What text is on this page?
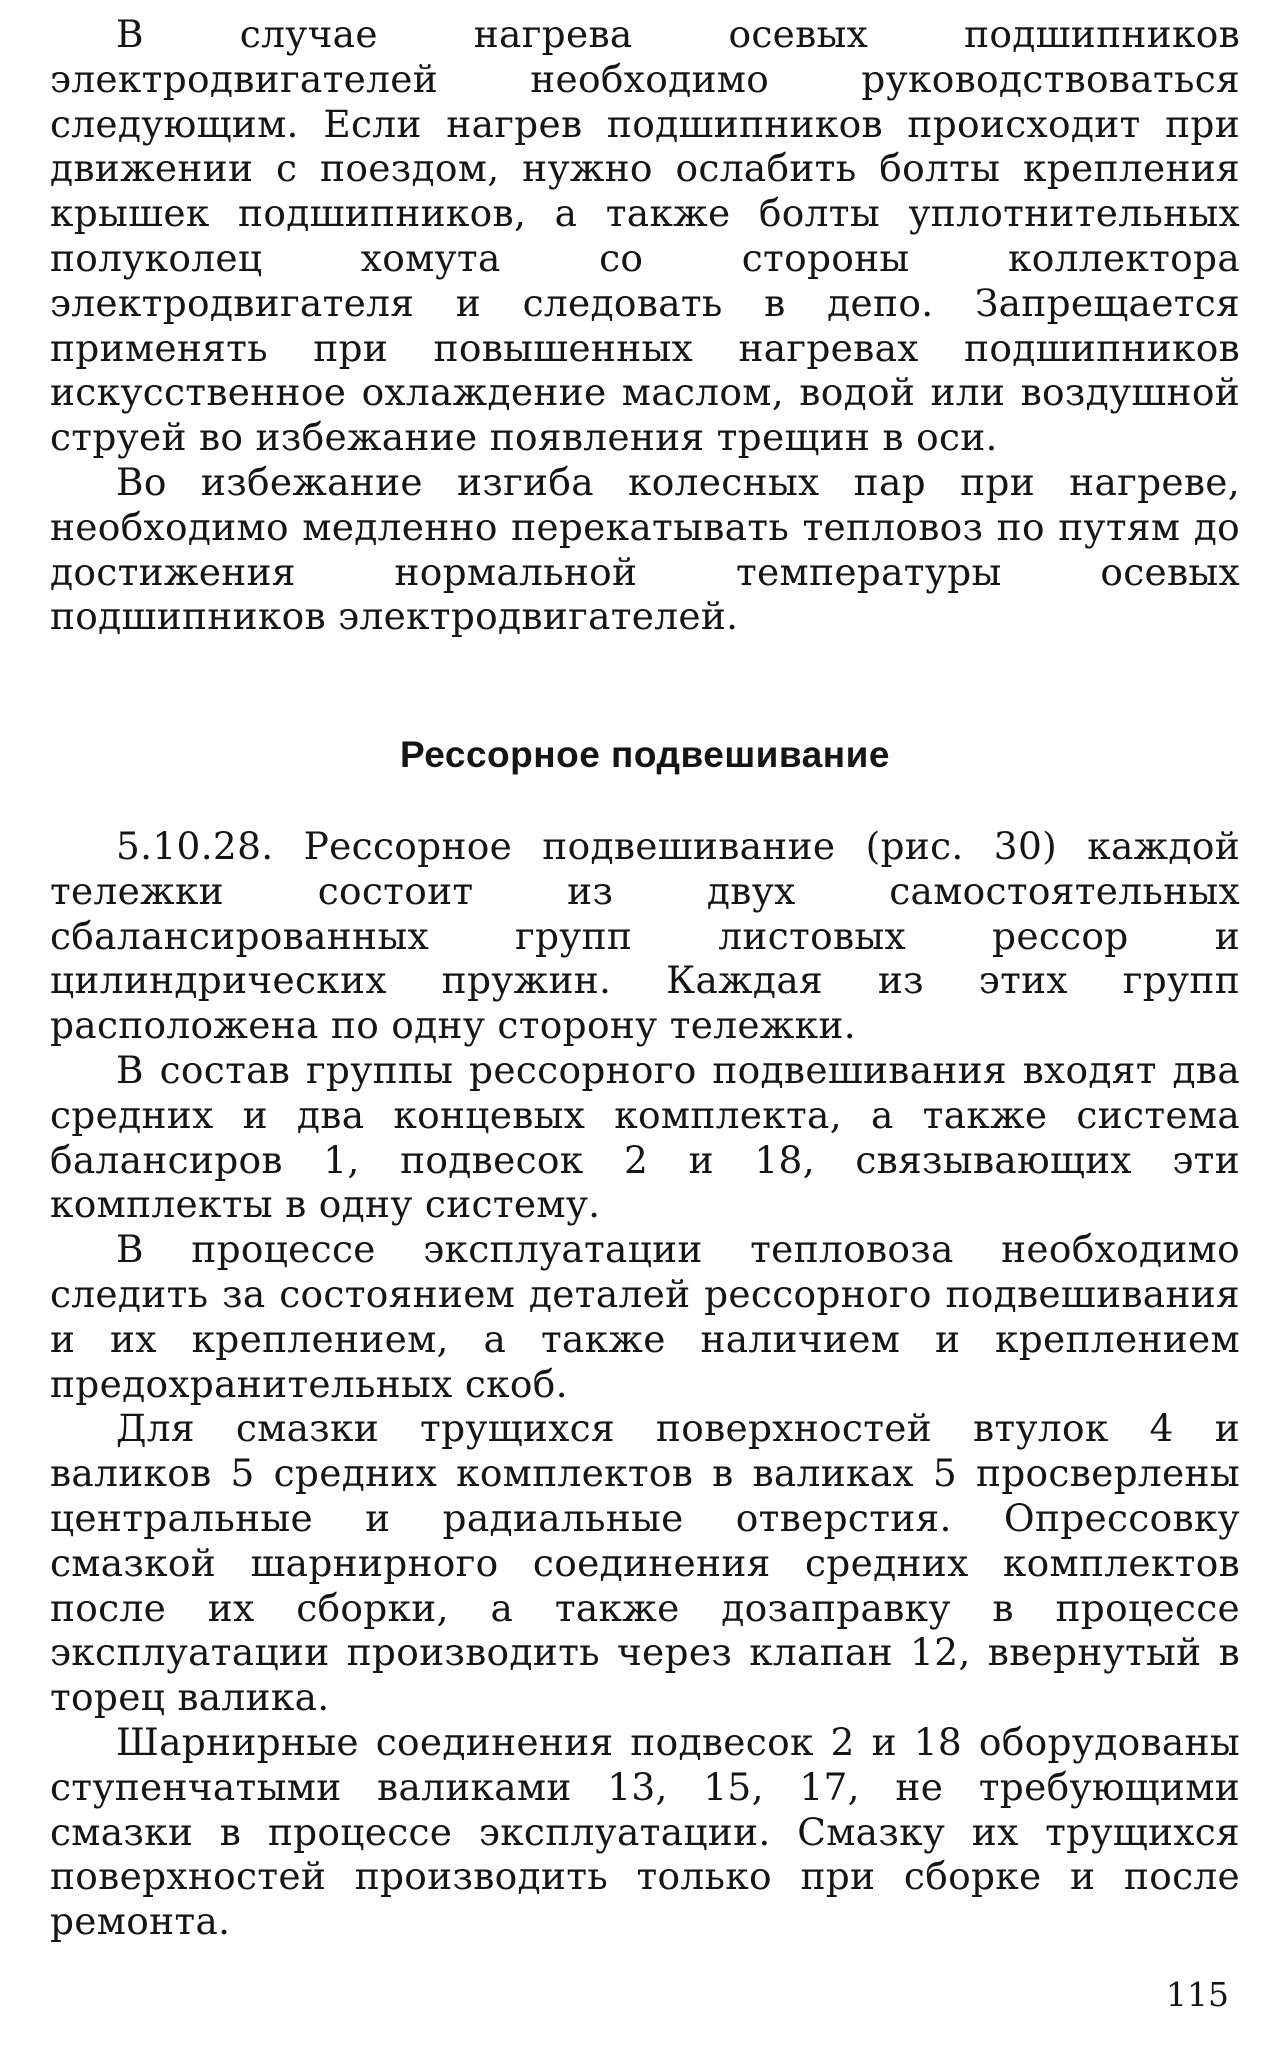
В случае нагрева осевых подшипников электродвигателей необходимо руководствоваться следующим. Если нагрев подшипников происходит при движении с поездом, нужно ослабить болты крепления крышек подшипников, а также болты уплотнительных полуколец хомута со стороны коллектора электродвигателя и следовать в депо. Запрещается применять при повышенных нагревах подшипников искусственное охлаждение маслом, водой или воздушной струей во избежание появления трещин в оси.

Во избежание изгиба колесных пар при нагреве, необходимо медленно перекатывать тепловоз по путям до достижения нормальной температуры осевых подшипников электродвигателей.

Рессорное подвешивание

5.10.28. Рессорное подвешивание (рис. 30) каждой тележки состоит из двух самостоятельных сбалансированных групп листовых рессор и цилиндрических пружин. Каждая из этих групп расположена по одну сторону тележки.

В состав группы рессорного подвешивания входят два средних и два концевых комплекта, а также система балансиров 1, подвесок 2 и 18, связывающих эти комплекты в одну систему.

В процессе эксплуатации тепловоза необходимо следить за состоянием деталей рессорного подвешивания и их креплением, а также наличием и креплением предохранительных скоб.

Для смазки трущихся поверхностей втулок 4 и валиков 5 средних комплектов в валиках 5 просверлены центральные и радиальные отверстия. Опрессовку смазкой шарнирного соединения средних комплектов после их сборки, а также дозаправку в процессе эксплуатации производить через клапан 12, ввернутый в торец валика.

Шарнирные соединения подвесок 2 и 18 оборудованы ступенчатыми валиками 13, 15, 17, не требующими смазки в процессе эксплуатации. Смазку их трущихся поверхностей производить только при сборке и после ремонта.

115
